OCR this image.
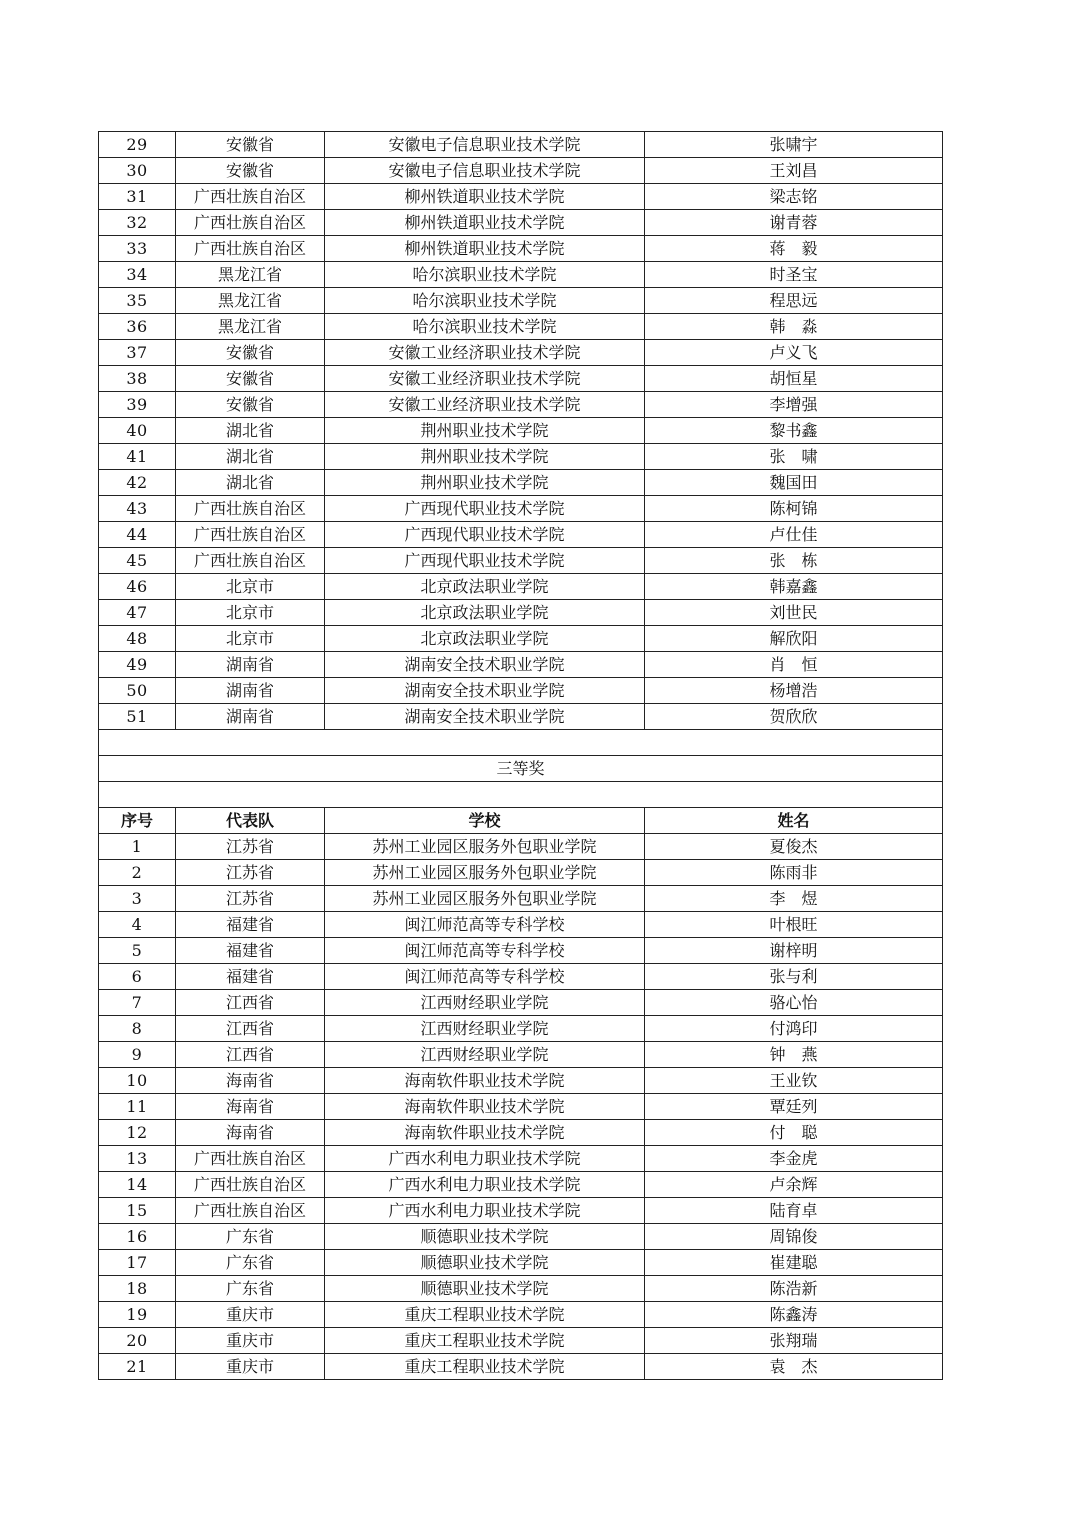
29	安徽省	安徽电子信息职业技术学院	张啸宇
30	安徽省	安徽电子信息职业技术学院	王刘昌
31	广西壮族自治区	柳州铁道职业技术学院	梁志铭
32	广西壮族自治区	柳州铁道职业技术学院	谢青蓉
33	广西壮族自治区	柳州铁道职业技术学院	蒋　毅
34	黑龙江省	哈尔滨职业技术学院	时圣宝
35	黑龙江省	哈尔滨职业技术学院	程思远
36	黑龙江省	哈尔滨职业技术学院	韩　淼
37	安徽省	安徽工业经济职业技术学院	卢义飞
38	安徽省	安徽工业经济职业技术学院	胡恒星
39	安徽省	安徽工业经济职业技术学院	李增强
40	湖北省	荆州职业技术学院	黎书鑫
41	湖北省	荆州职业技术学院	张　啸
42	湖北省	荆州职业技术学院	魏国田
43	广西壮族自治区	广西现代职业技术学院	陈柯锦
44	广西壮族自治区	广西现代职业技术学院	卢仕佳
45	广西壮族自治区	广西现代职业技术学院	张　栋
46	北京市	北京政法职业学院	韩嘉鑫
47	北京市	北京政法职业学院	刘世民
48	北京市	北京政法职业学院	解欣阳
49	湖南省	湖南安全技术职业学院	肖　恒
50	湖南省	湖南安全技术职业学院	杨增浩
51	湖南省	湖南安全技术职业学院	贺欣欣

三等奖			

序号	代表队	学校	姓名
1	江苏省	苏州工业园区服务外包职业学院	夏俊杰
2	江苏省	苏州工业园区服务外包职业学院	陈雨非
3	江苏省	苏州工业园区服务外包职业学院	李　煜
4	福建省	闽江师范高等专科学校	叶根旺
5	福建省	闽江师范高等专科学校	谢梓明
6	福建省	闽江师范高等专科学校	张与利
7	江西省	江西财经职业学院	骆心怡
8	江西省	江西财经职业学院	付鸿印
9	江西省	江西财经职业学院	钟　燕
10	海南省	海南软件职业技术学院	王业钦
11	海南省	海南软件职业技术学院	覃廷列
12	海南省	海南软件职业技术学院	付　聪
13	广西壮族自治区	广西水利电力职业技术学院	李金虎
14	广西壮族自治区	广西水利电力职业技术学院	卢余辉
15	广西壮族自治区	广西水利电力职业技术学院	陆育卓
16	广东省	顺德职业技术学院	周锦俊
17	广东省	顺德职业技术学院	崔建聪
18	广东省	顺德职业技术学院	陈浩新
19	重庆市	重庆工程职业技术学院	陈鑫涛
20	重庆市	重庆工程职业技术学院	张翔瑞
21	重庆市	重庆工程职业技术学院	袁　杰
